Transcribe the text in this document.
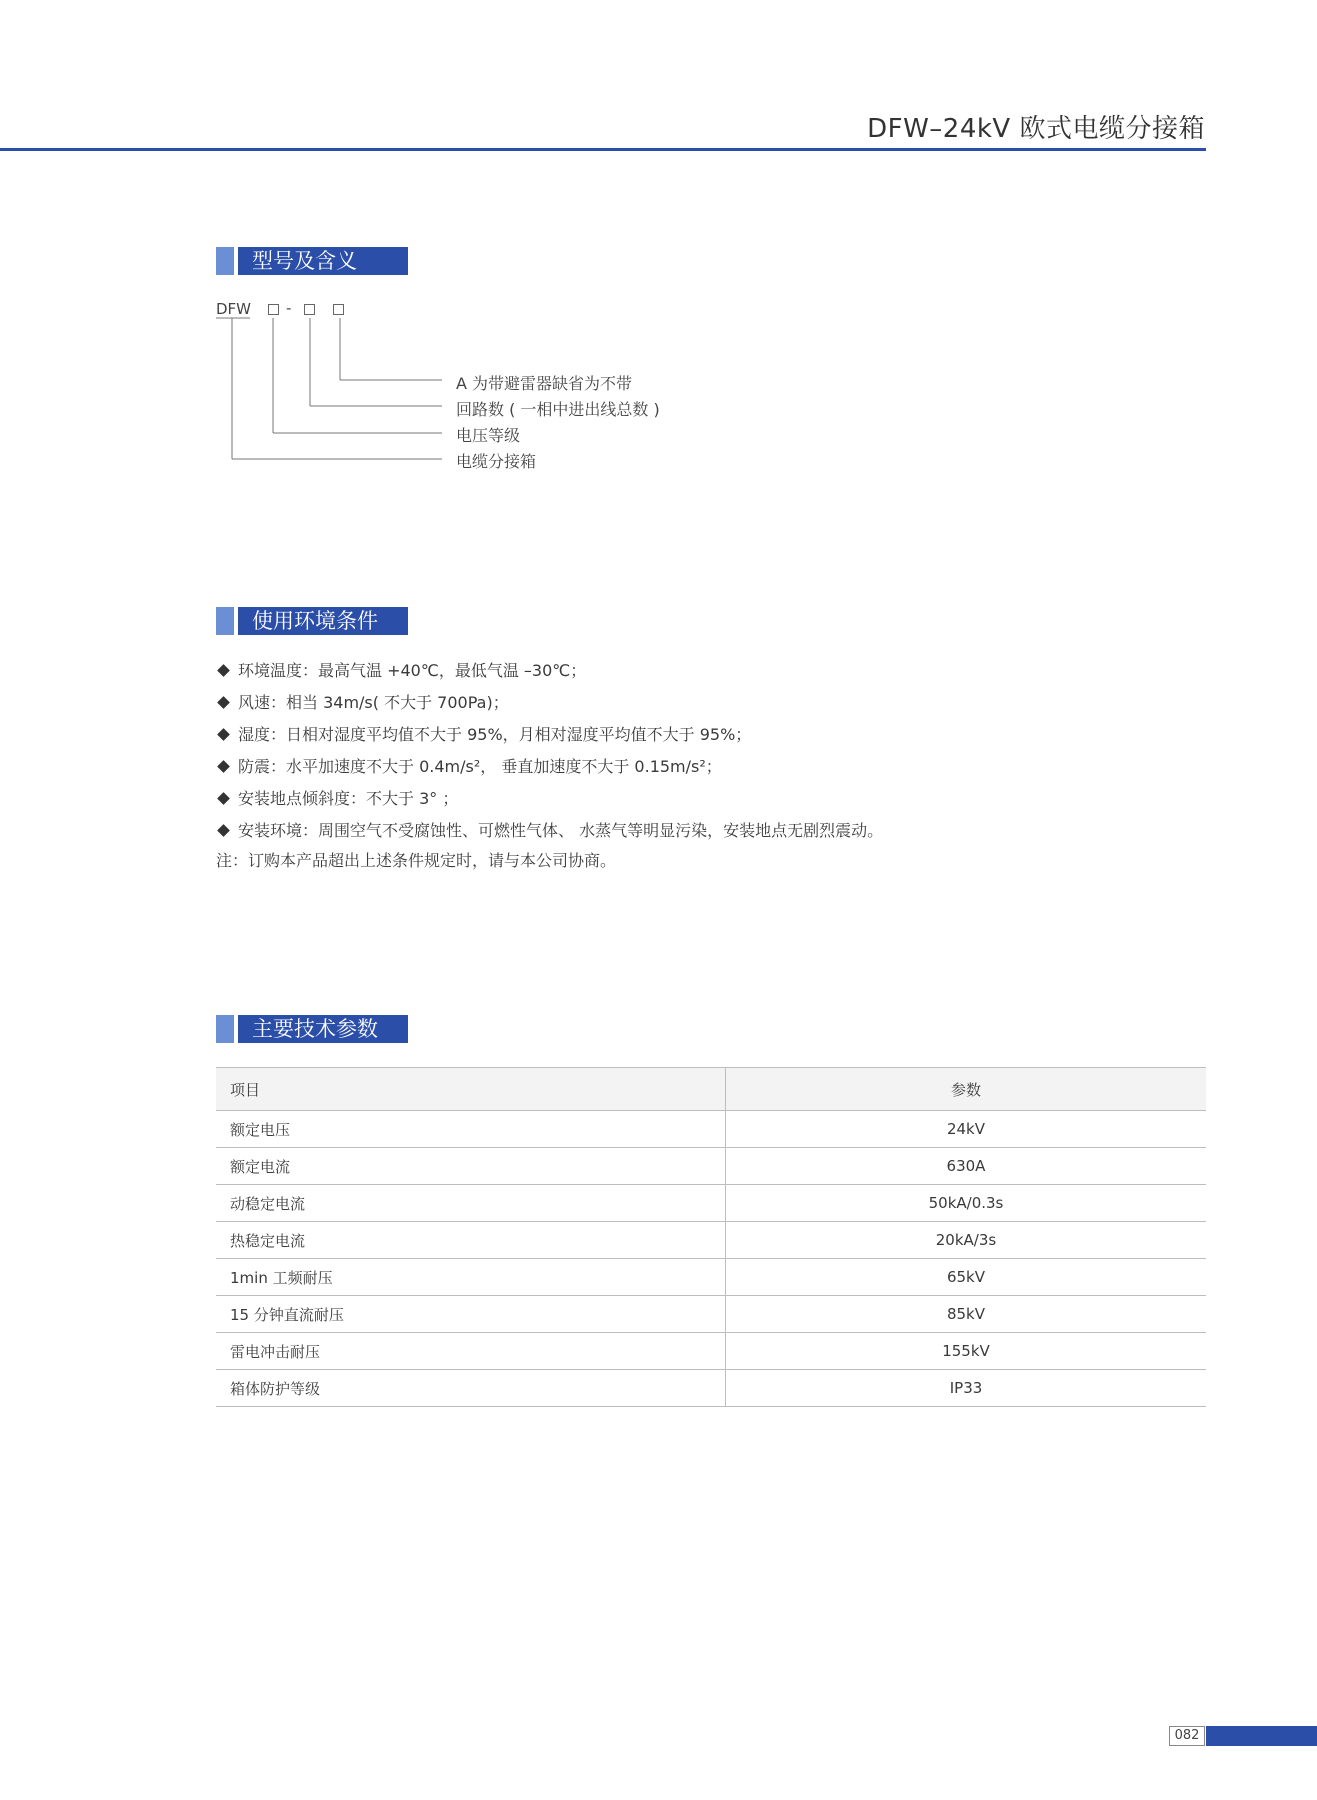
DFW–24kV 欧式电缆分接箱
型号及含义
DFW -
A 为带避雷器缺省为不带
回路数 ( 一相中进出线总数 )
电压等级
电缆分接箱
使用环境条件
环境温度：最高气温 +40℃，最低气温 –30℃；
风速：相当 34m/s( 不大于 700Pa)；
湿度：日相对湿度平均值不大于 95%，月相对湿度平均值不大于 95%；
防震：水平加速度不大于 0.4m/s²， 垂直加速度不大于 0.15m/s²；
安装地点倾斜度：不大于 3° ；
安装环境：周围空气不受腐蚀性、可燃性气体、 水蒸气等明显污染，安装地点无剧烈震动。
注：订购本产品超出上述条件规定时，请与本公司协商。
主要技术参数
项目	参数
额定电压	24kV
额定电流	630A
动稳定电流	50kA/0.3s
热稳定电流	20kA/3s
1min 工频耐压	65kV
15 分钟直流耐压	85kV
雷电冲击耐压	155kV
箱体防护等级	IP33
082
